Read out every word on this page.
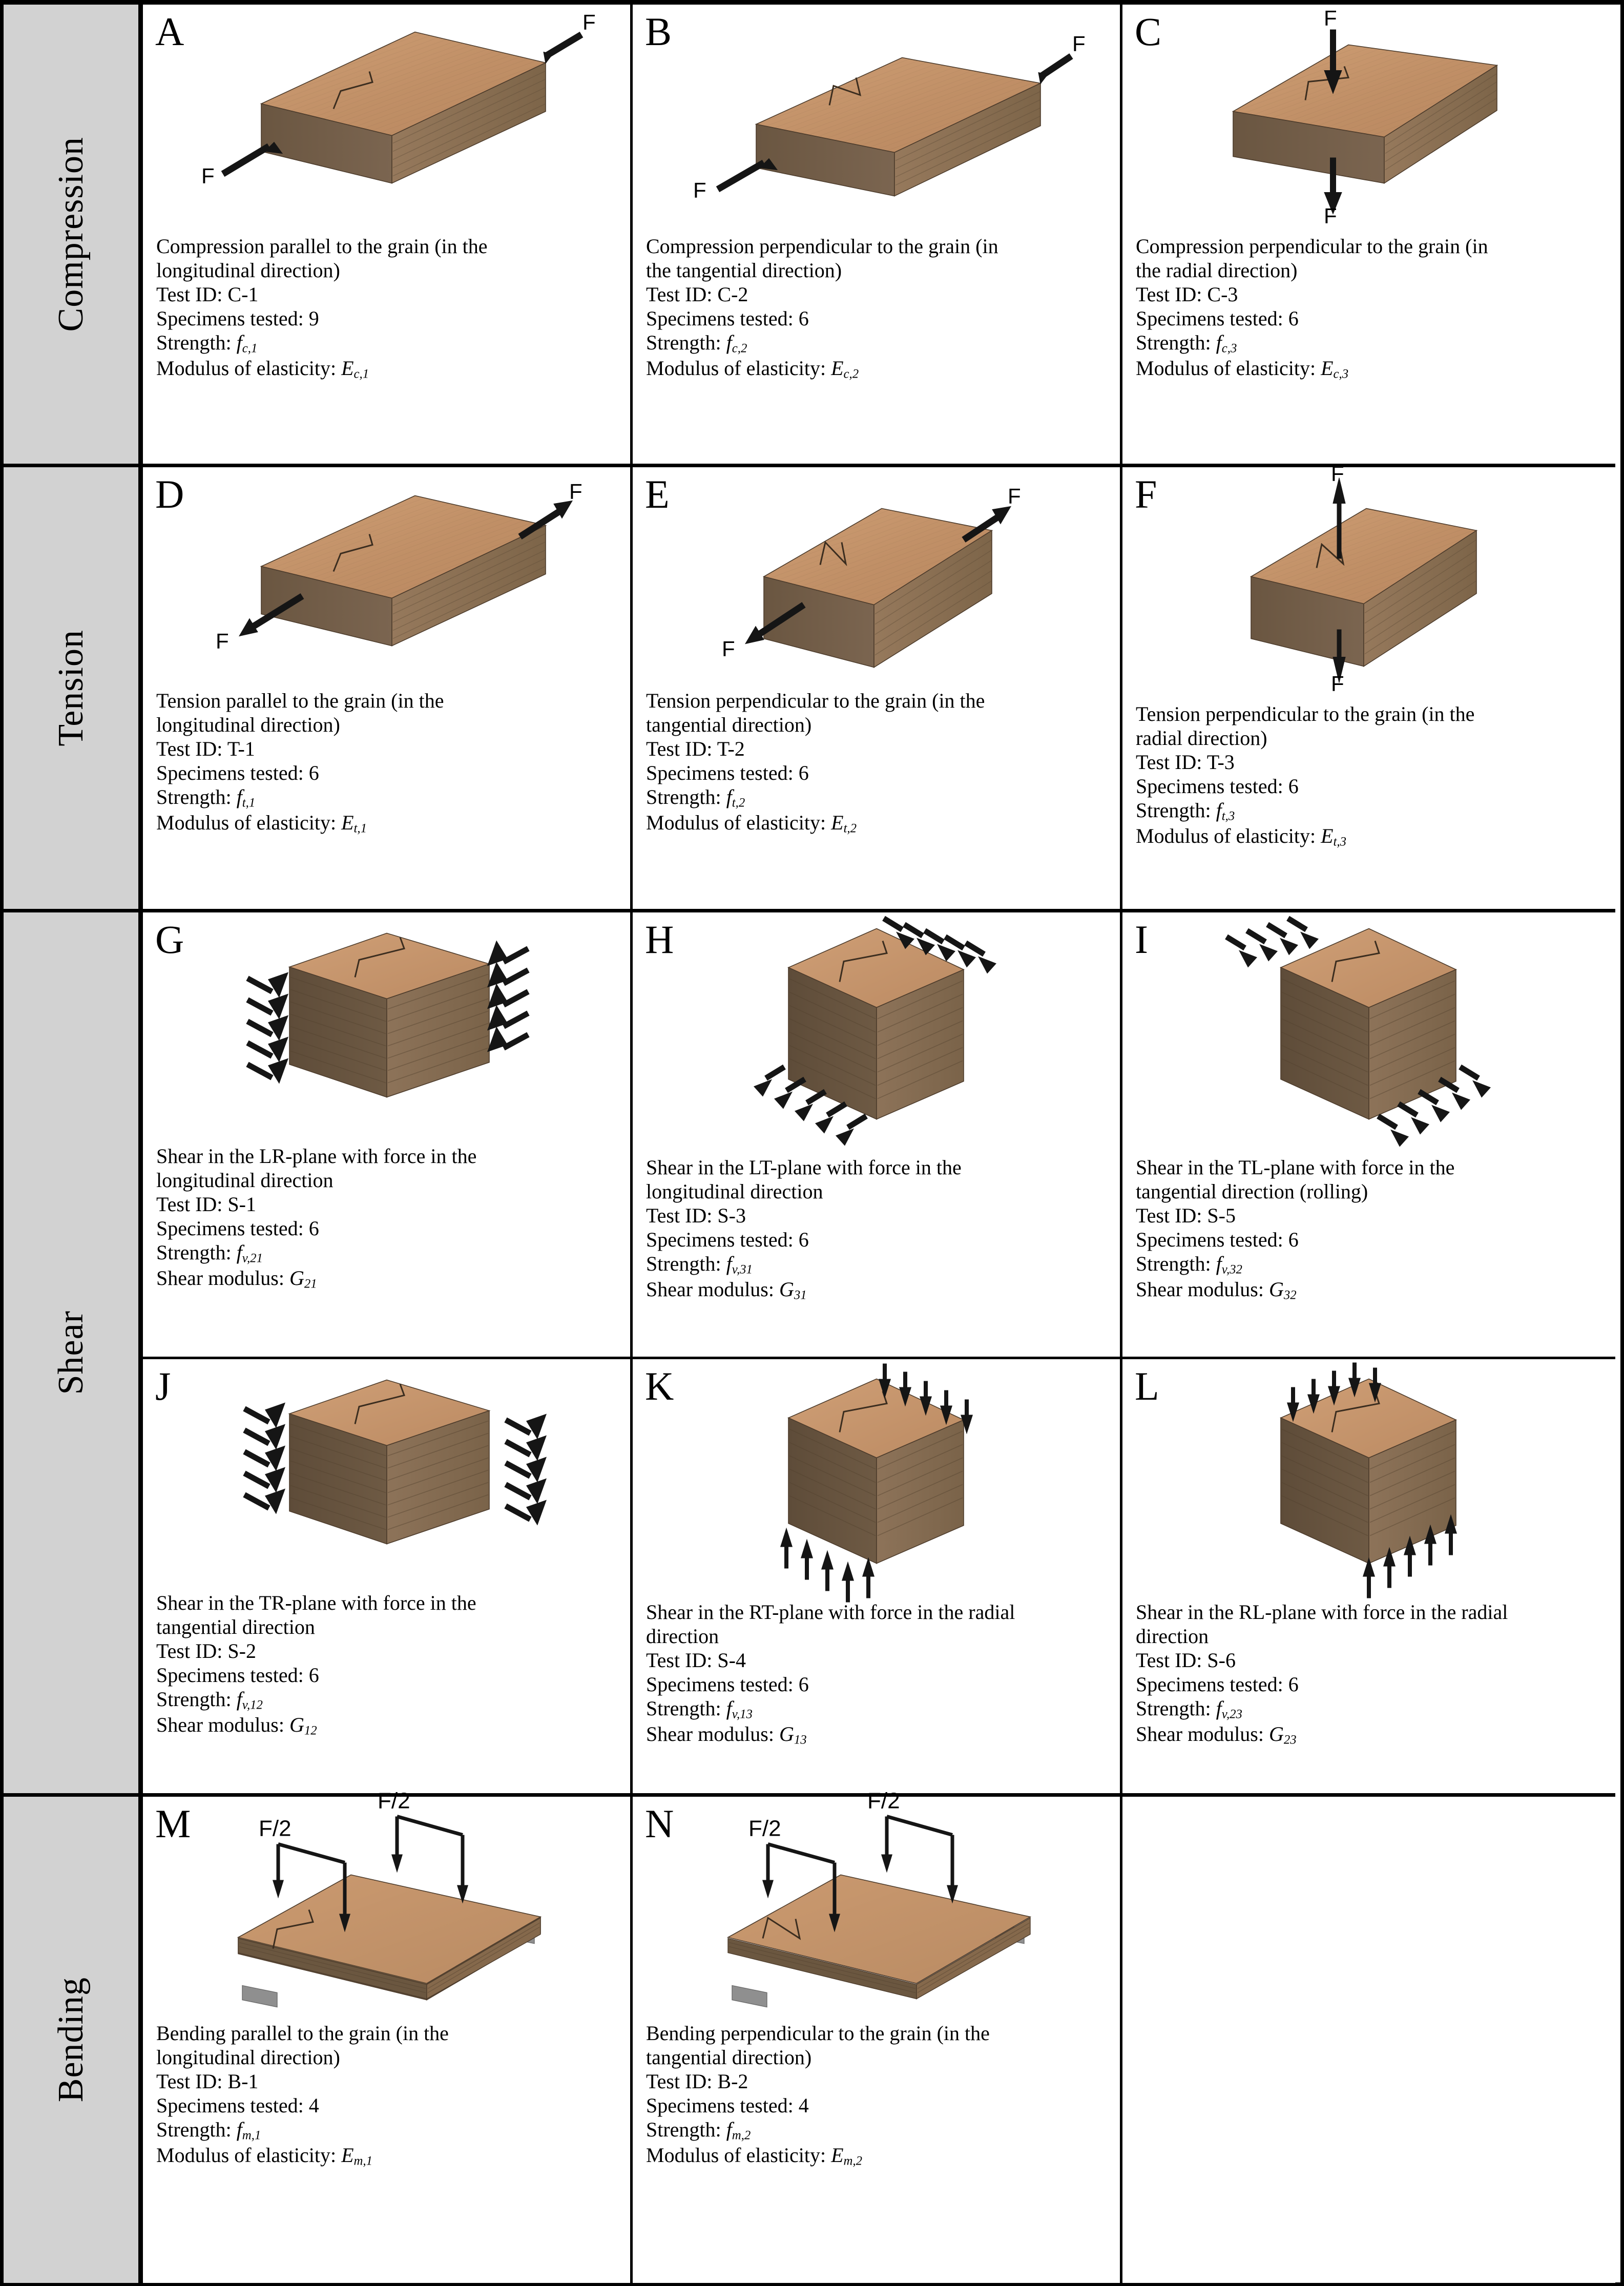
Compression
A	F
F
Compression parallel to the grain (in the
longitudinal direction)
Test ID: C-1
Specimens tested: 9
Strength: $f_{c,1}$
Modulus of elasticity: $E_{c,1}$
B	F
F
Compression perpendicular to the grain (in
the tangential direction)
Test ID: C-2
Specimens tested: 6
Strength: $f_{c,2}$
Modulus of elasticity: $E_{c,2}$
C	F
F
Compression perpendicular to the grain (in
the radial direction)
Test ID: C-3
Specimens tested: 6
Strength: $f_{c,3}$
Modulus of elasticity: $E_{c,3}$
Tension
D	F
F
Tension parallel to the grain (in the
longitudinal direction)
Test ID: T-1
Specimens tested: 6
Strength: $f_{t,1}$
Modulus of elasticity: $E_{t,1}$
E	F
F
Tension perpendicular to the grain (in the
tangential direction)
Test ID: T-2
Specimens tested: 6
Strength: $f_{t,2}$
Modulus of elasticity: $E_{t,2}$
F	F
F
Tension perpendicular to the grain (in the
radial direction)
Test ID: T-3
Specimens tested: 6
Strength: $f_{t,3}$
Modulus of elasticity: $E_{t,3}$
Shear
G
Shear in the LR-plane with force in the
longitudinal direction
Test ID: S-1
Specimens tested: 6
Strength: $f_{v,21}$
Shear modulus: $G_{21}$
H
Shear in the LT-plane with force in the
longitudinal direction
Test ID: S-3
Specimens tested: 6
Strength: $f_{v,31}$
Shear modulus: $G_{31}$
I
Shear in the TL-plane with force in the
tangential direction (rolling)
Test ID: S-5
Specimens tested: 6
Strength: $f_{v,32}$
Shear modulus: $G_{32}$
J
Shear in the TR-plane with force in the
tangential direction
Test ID: S-2
Specimens tested: 6
Strength: $f_{v,12}$
Shear modulus: $G_{12}$
K
Shear in the RT-plane with force in the radial
direction
Test ID: S-4
Specimens tested: 6
Strength: $f_{v,13}$
Shear modulus: $G_{13}$
L
Shear in the RL-plane with force in the radial
direction
Test ID: S-6
Specimens tested: 6
Strength: $f_{v,23}$
Shear modulus: $G_{23}$
Bending
M	F/2
F/2
Bending parallel to the grain (in the
longitudinal direction)
Test ID: B-1
Specimens tested: 4
Strength: $f_{m,1}$
Modulus of elasticity: $E_{m,1}$
N	F/2
F/2
Bending perpendicular to the grain (in the
tangential direction)
Test ID: B-2
Specimens tested: 4
Strength: $f_{m,2}$
Modulus of elasticity: $E_{m,2}$
